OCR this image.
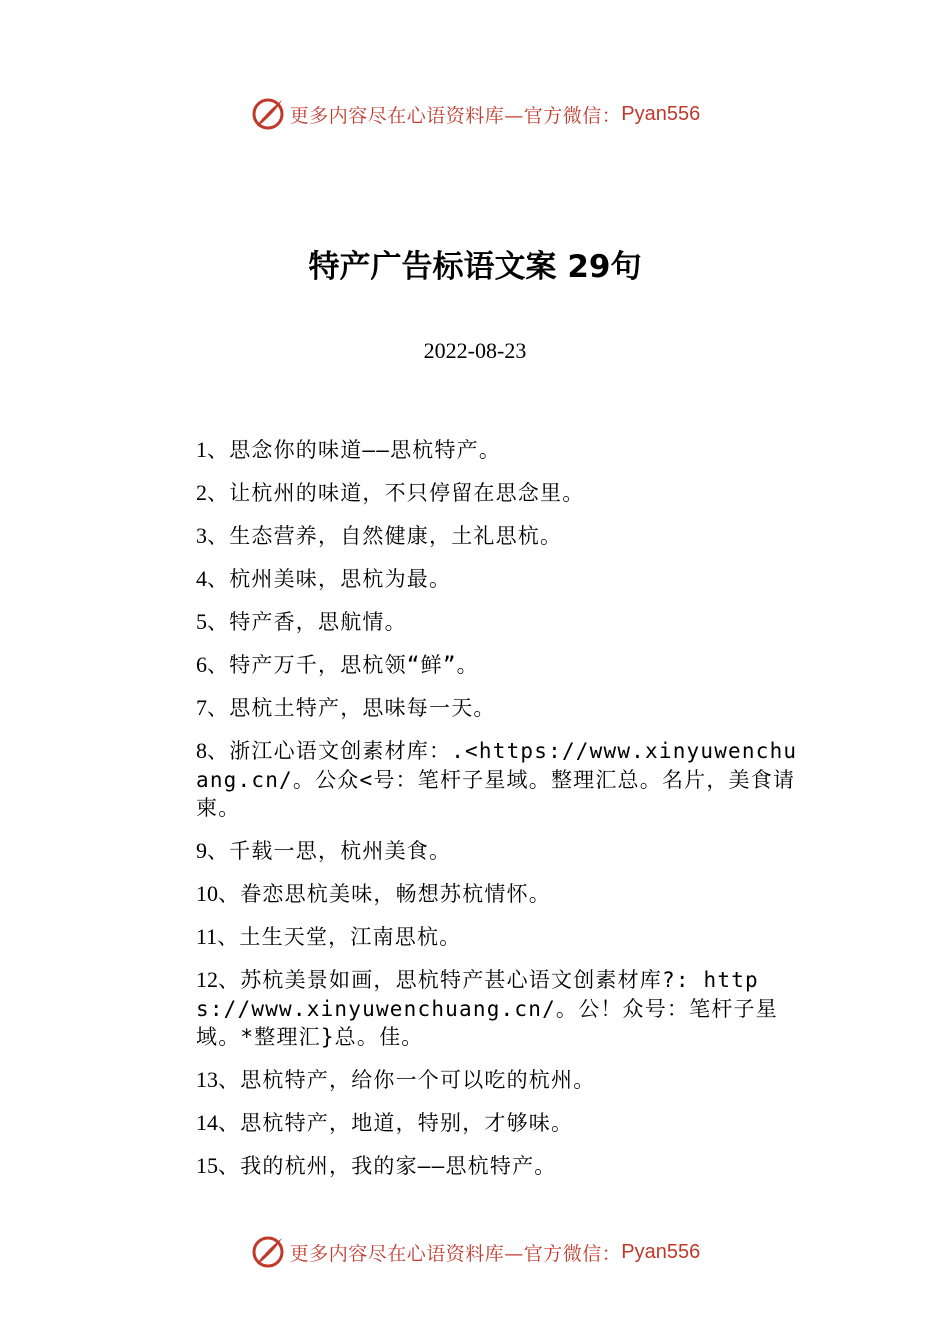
更多内容尽在心语资料库—官方微信： Pyan556
特产广告标语文案 29句
2022-08-23
1、思念你的味道——思杭特产。
2、让杭州的味道，不只停留在思念里。
3、生态营养，自然健康，土礼思杭。
4、杭州美味，思杭为最。
5、特产香，思航情。
6、特产万千，思杭领“鲜”。
7、思杭土特产，思味每一天。
8、浙江心语文创素材库：.<https://www.xinyuwenchuang.cn/。公众<号：笔杆子星域。整理汇总。名片，美食请柬。
9、千载一思，杭州美食。
10、眷恋思杭美味，畅想苏杭情怀。
11、土生天堂，江南思杭。
12、苏杭美景如画，思杭特产甚心语文创素材库?: https://www.xinyuwenchuang.cn/。公！众号：笔杆子星域。*整理汇}总。佳。
13、思杭特产，给你一个可以吃的杭州。
14、思杭特产，地道，特别，才够味。
15、我的杭州，我的家——思杭特产。
更多内容尽在心语资料库—官方微信： Pyan556
